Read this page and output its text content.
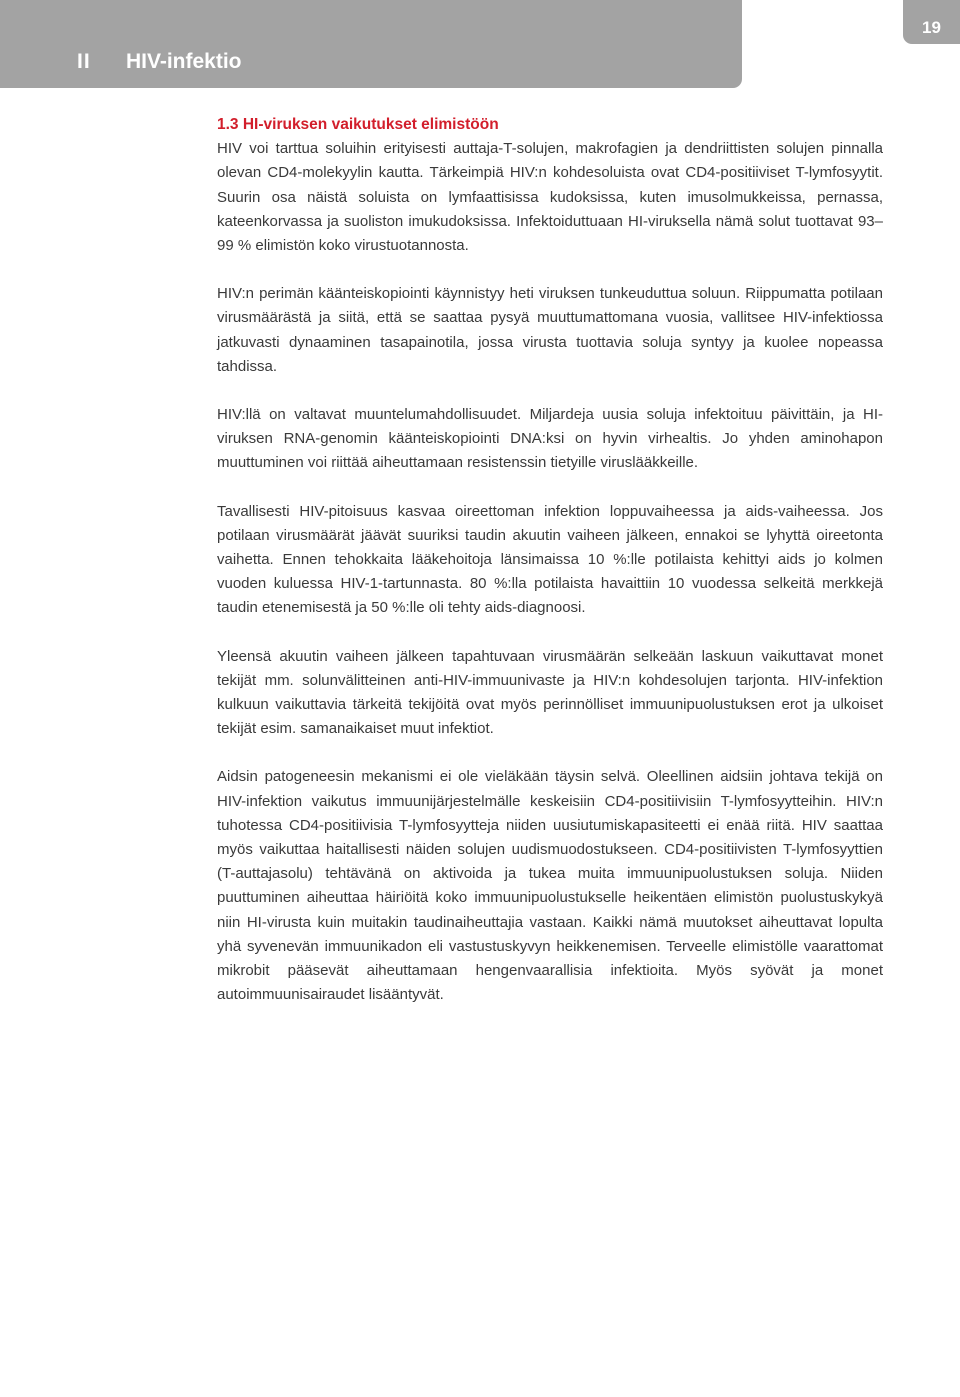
II HIV-infektio
19
1.3 HI-viruksen vaikutukset elimistöön

HIV voi tarttua soluihin erityisesti auttaja-T-solujen, makrofagien ja dendriittisten solujen pinnalla olevan CD4-molekyylin kautta. Tärkeimpiä HIV:n kohdesoluista ovat CD4-positiiviset T-lymfosyytit. Suurin osa näistä soluista on lymfaattisissa kudoksissa, kuten imusolmukkeissa, pernassa, kateenkorvassa ja suoliston imukudoksissa. Infektoiduttuaan HI-viruksella nämä solut tuottavat 93–99 % elimistön koko virustuotannosta.

HIV:n perimän käänteiskopiointi käynnistyy heti viruksen tunkeuduttua soluun. Riippumatta potilaan virusmäärästä ja siitä, että se saattaa pysyä muuttumattomana vuosia, vallitsee HIV-infektiossa jatkuvasti dynaaminen tasapainotila, jossa virusta tuottavia soluja syntyy ja kuolee nopeassa tahdissa.

HIV:llä on valtavat muuntelumahdollisuudet. Miljardeja uusia soluja infektoituu päivittäin, ja HI-viruksen RNA-genomin käänteiskopiointi DNA:ksi on hyvin virhealtis. Jo yhden aminohapon muuttuminen voi riittää aiheuttamaan resistenssin tietyille viruslääkkeille.

Tavallisesti HIV-pitoisuus kasvaa oireettoman infektion loppuvaiheessa ja aids-vaiheessa. Jos potilaan virusmäärät jäävät suuriksi taudin akuutin vaiheen jälkeen, ennakoi se lyhyttä oireetonta vaihetta. Ennen tehokkaita lääkehoitoja länsimaissa 10 %:lle potilaista kehittyi aids jo kolmen vuoden kuluessa HIV-1-tartunnasta. 80 %:lla potilaista havaittiin 10 vuodessa selkeitä merkkejä taudin etenemisestä ja 50 %:lle oli tehty aids-diagnoosi.

Yleensä akuutin vaiheen jälkeen tapahtuvaan virusmäärän selkeään laskuun vaikuttavat monet tekijät mm. solunvälitteinen anti-HIV-immuunivaste ja HIV:n kohdesolujen tarjonta. HIV-infektion kulkuun vaikuttavia tärkeitä tekijöitä ovat myös perinnölliset immuunipuolustuksen erot ja ulkoiset tekijät esim. samanaikaiset muut infektiot.

Aidsin patogeneesin mekanismi ei ole vieläkään täysin selvä. Oleellinen aidsiin johtava tekijä on HIV-infektion vaikutus immuunijärjestelmälle keskeisiin CD4-positiivisiin T-lymfosyytteihin. HIV:n tuhotessa CD4-positiivisia T-lymfosyytteja niiden uusiutumiskapasiteetti ei enää riitä. HIV saattaa myös vaikuttaa haitallisesti näiden solujen uudismuodostukseen. CD4-positiivisten T-lymfosyyttien (T-auttajasolu) tehtävänä on aktivoida ja tukea muita immuunipuolustuksen soluja. Niiden puuttuminen aiheuttaa häiriöitä koko immuunipuolustukselle heikentäen elimistön puolustuskykyä niin HI-virusta kuin muitakin taudinaiheuttajia vastaan. Kaikki nämä muutokset aiheuttavat lopulta yhä syvenevän immuunikadon eli vastustuskyvyn heikkenemisen. Terveelle elimistölle vaarattomat mikrobit pääsevät aiheuttamaan hengenvaarallisia infektioita. Myös syövät ja monet autoimmuunisairaudet lisääntyvät.
